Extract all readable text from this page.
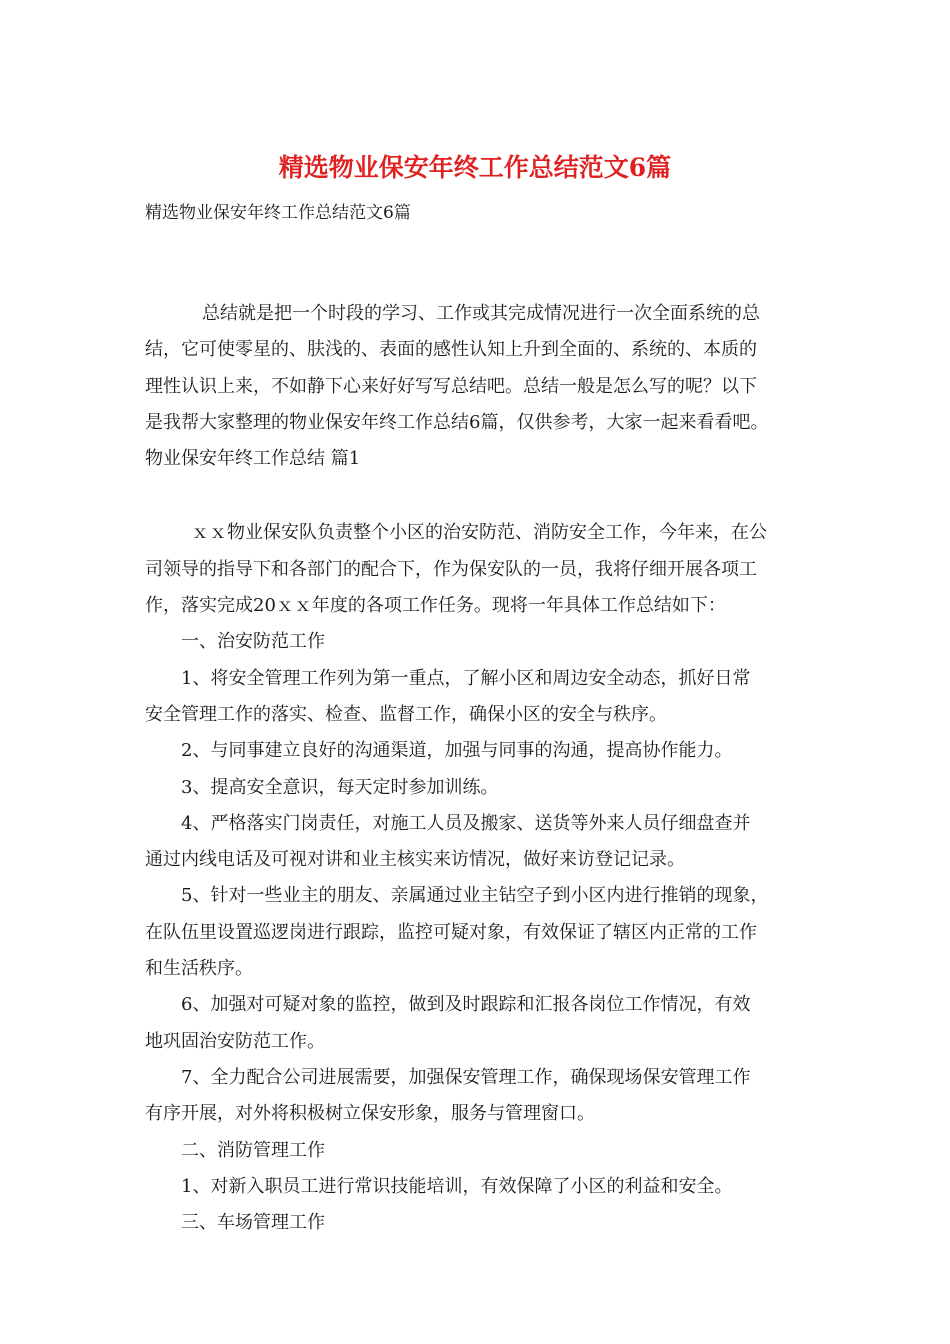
精选物业保安年终工作总结范文6篇

精选物业保安年终工作总结范文6篇

总结就是把一个时段的学习、工作或其完成情况进行一次全面系统的总

结，它可使零星的、肤浅的、表面的感性认知上升到全面的、系统的、本质的

理性认识上来，不如静下心来好好写写总结吧。总结一般是怎么写的呢？以下

是我帮大家整理的物业保安年终工作总结6篇，仅供参考，大家一起来看看吧。

物业保安年终工作总结 篇1

ｘｘ物业保安队负责整个小区的治安防范、消防安全工作，今年来，在公

司领导的指导下和各部门的配合下，作为保安队的一员，我将仔细开展各项工

作，落实完成20ｘｘ年度的各项工作任务。现将一年具体工作总结如下：

一、治安防范工作

1、将安全管理工作列为第一重点，了解小区和周边安全动态，抓好日常

安全管理工作的落实、检查、监督工作，确保小区的安全与秩序。

2、与同事建立良好的沟通渠道，加强与同事的沟通，提高协作能力。

3、提高安全意识，每天定时参加训练。

4、严格落实门岗责任，对施工人员及搬家、送货等外来人员仔细盘查并

通过内线电话及可视对讲和业主核实来访情况，做好来访登记记录。

5、针对一些业主的朋友、亲属通过业主钻空子到小区内进行推销的现象，

在队伍里设置巡逻岗进行跟踪，监控可疑对象，有效保证了辖区内正常的工作

和生活秩序。

6、加强对可疑对象的监控，做到及时跟踪和汇报各岗位工作情况，有效

地巩固治安防范工作。

7、全力配合公司进展需要，加强保安管理工作，确保现场保安管理工作

有序开展，对外将积极树立保安形象，服务与管理窗口。

二、消防管理工作

1、对新入职员工进行常识技能培训，有效保障了小区的利益和安全。

三、车场管理工作
